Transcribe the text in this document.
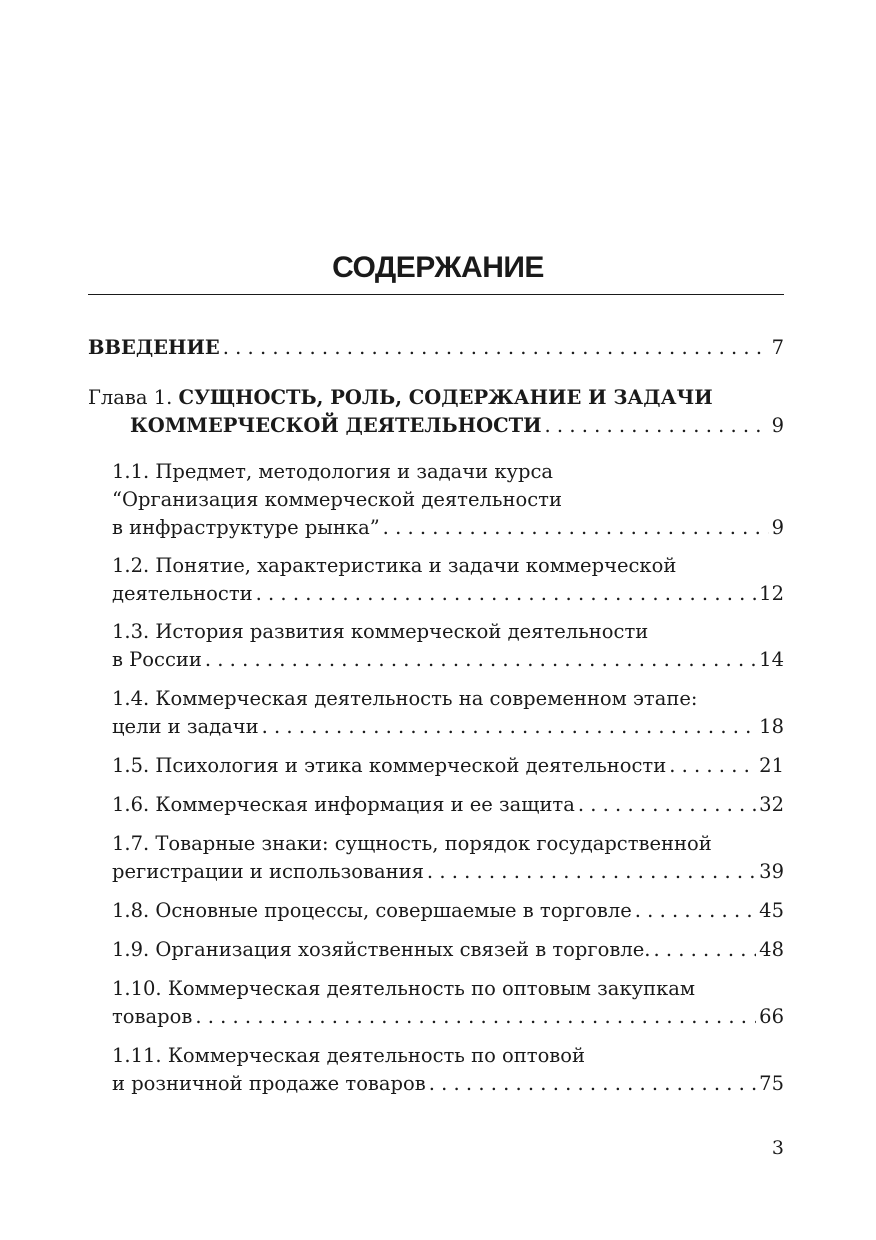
СОДЕРЖАНИЕ
ВВЕДЕНИЕ . . .	7
Глава 1.
СУЩНОСТЬ, РОЛЬ, СОДЕРЖАНИЕ И ЗАДАЧИ
КОММЕРЧЕСКОЙ ДЕЯТЕЛЬНОСТИ . . .	9
1.1. Предмет, методология и задачи курса
“Организация коммерческой деятельности
в инфраструктуре рынка” . . .	9
1.2. Понятие, характеристика и задачи коммерческой
деятельности . . .	12
1.3. История развития коммерческой деятельности
в России . . .	14
1.4. Коммерческая деятельность на современном этапе:
цели и задачи . . .	18
1.5. Психология и этика коммерческой деятельности . . .	21
1.6. Коммерческая информация и ее защита . . .	32
1.7. Товарные знаки: сущность, порядок государственной
регистрации и использования . . .	39
1.8. Основные процессы, совершаемые в торговле . . .	45
1.9. Организация хозяйственных связей в торговле. . . .	48
1.10. Коммерческая деятельность по оптовым закупкам
товаров . . .	66
1.11. Коммерческая деятельность по оптовой
и розничной продаже товаров . . .	75
3
